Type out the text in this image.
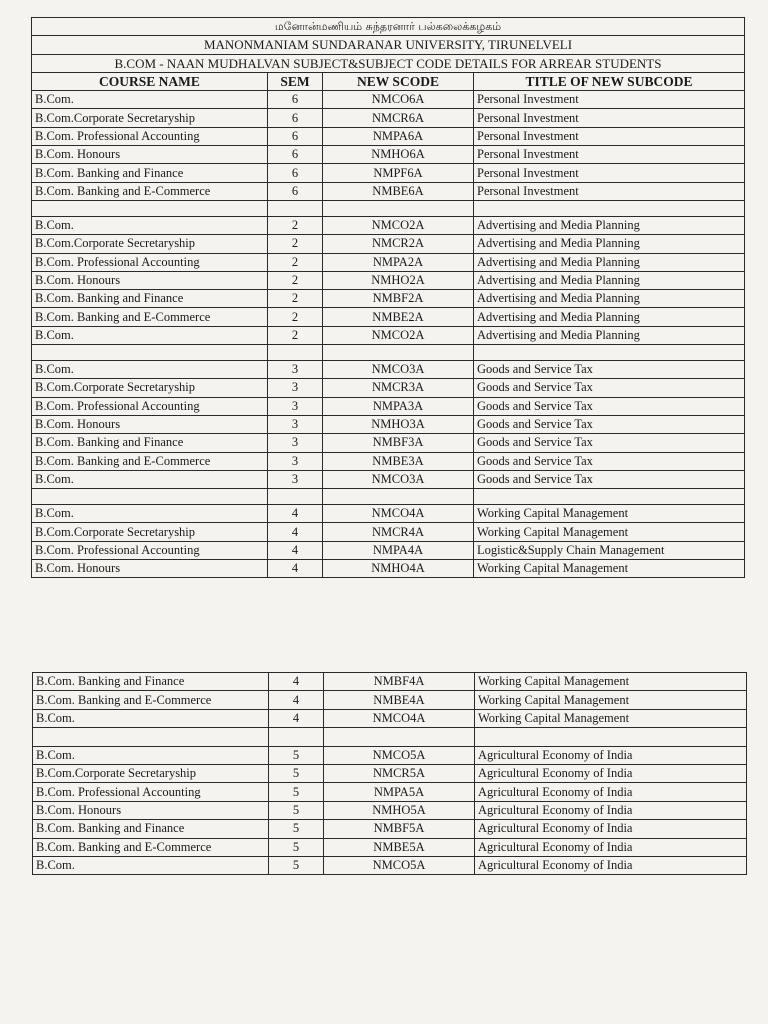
மனோன்மணியம் சுந்தரனார் பல்கலைக்கழகம்			
MANONMANIAM SUNDARANAR UNIVERSITY, TIRUNELVELI			
B.COM - NAAN MUDHALVAN SUBJECT&SUBJECT CODE DETAILS FOR ARREAR STUDENTS			
COURSE NAME	SEM	NEW SCODE	TITLE OF NEW SUBCODE
B.Com.	6	NMCO6A	Personal Investment
B.Com.Corporate Secretaryship	6	NMCR6A	Personal Investment
B.Com. Professional Accounting	6	NMPA6A	Personal Investment
B.Com. Honours	6	NMHO6A	Personal Investment
B.Com. Banking and Finance	6	NMPF6A	Personal Investment
B.Com. Banking and E-Commerce	6	NMBE6A	Personal Investment

B.Com.	2	NMCO2A	Advertising and Media Planning
B.Com.Corporate Secretaryship	2	NMCR2A	Advertising and Media Planning
B.Com. Professional Accounting	2	NMPA2A	Advertising and Media Planning
B.Com. Honours	2	NMHO2A	Advertising and Media Planning
B.Com. Banking and Finance	2	NMBF2A	Advertising and Media Planning
B.Com. Banking and E-Commerce	2	NMBE2A	Advertising and Media Planning
B.Com.	2	NMCO2A	Advertising and Media Planning

B.Com.	3	NMCO3A	Goods and Service Tax
B.Com.Corporate Secretaryship	3	NMCR3A	Goods and Service Tax
B.Com. Professional Accounting	3	NMPA3A	Goods and Service Tax
B.Com. Honours	3	NMHO3A	Goods and Service Tax
B.Com. Banking and Finance	3	NMBF3A	Goods and Service Tax
B.Com. Banking and E-Commerce	3	NMBE3A	Goods and Service Tax
B.Com.	3	NMCO3A	Goods and Service Tax

B.Com.	4	NMCO4A	Working Capital Management
B.Com.Corporate Secretaryship	4	NMCR4A	Working Capital Management
B.Com. Professional Accounting	4	NMPA4A	Logistic&Supply Chain Management
B.Com. Honours	4	NMHO4A	Working Capital Management
B.Com. Banking and Finance	4	NMBF4A	Working Capital Management
B.Com. Banking and E-Commerce	4	NMBE4A	Working Capital Management
B.Com.	4	NMCO4A	Working Capital Management

B.Com.	5	NMCO5A	Agricultural Economy of India
B.Com.Corporate Secretaryship	5	NMCR5A	Agricultural Economy of India
B.Com. Professional Accounting	5	NMPA5A	Agricultural Economy of India
B.Com. Honours	5	NMHO5A	Agricultural Economy of India
B.Com. Banking and Finance	5	NMBF5A	Agricultural Economy of India
B.Com. Banking and E-Commerce	5	NMBE5A	Agricultural Economy of India
B.Com.	5	NMCO5A	Agricultural Economy of India
